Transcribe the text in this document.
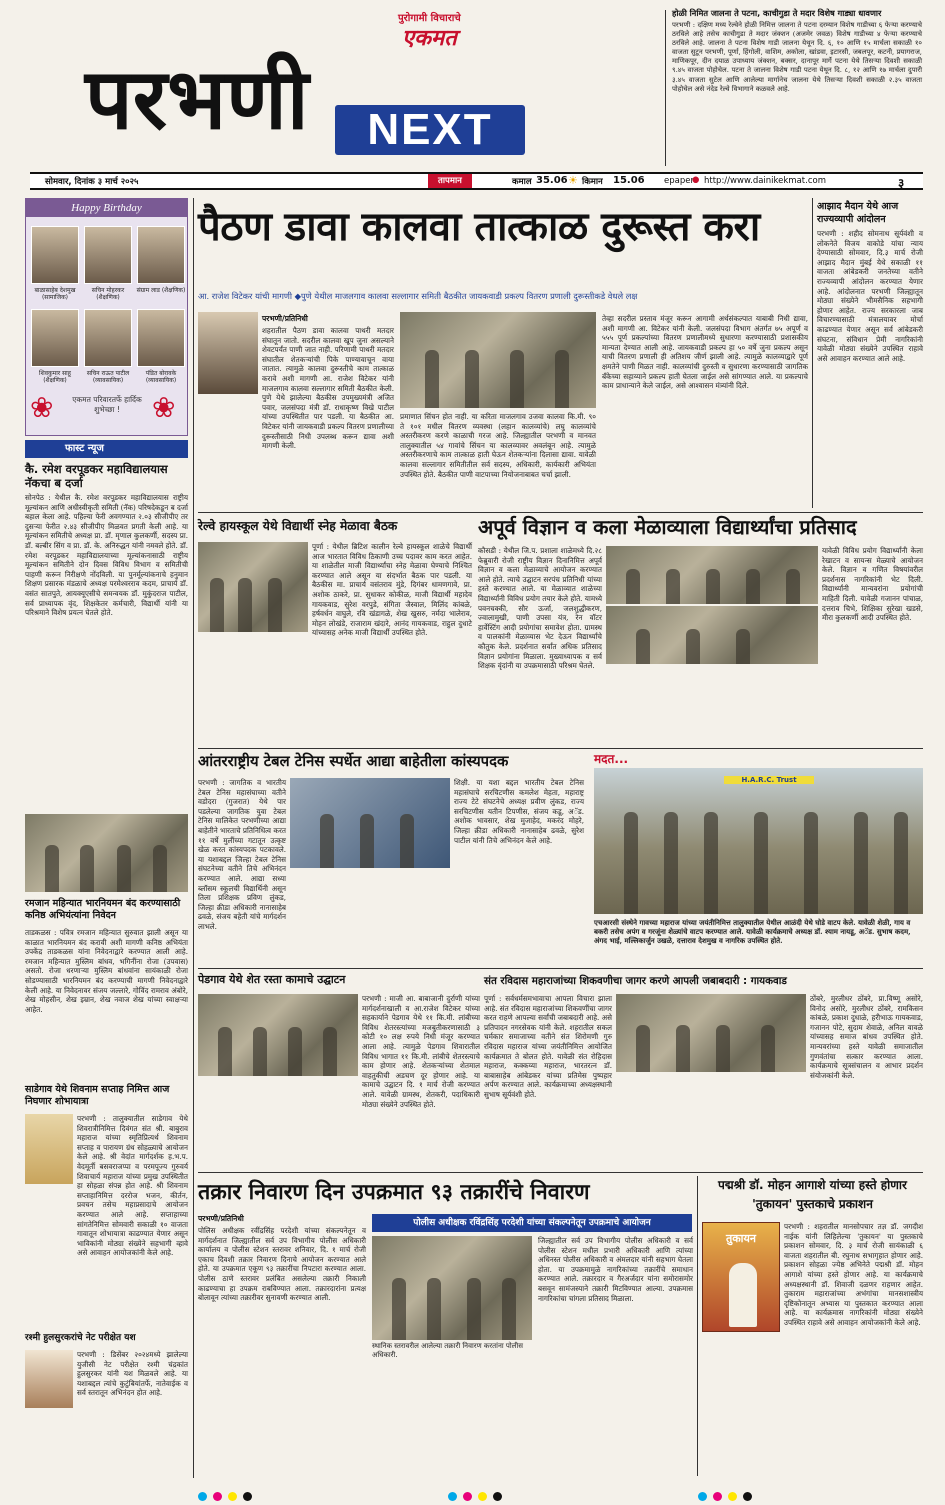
पुरोगामी विचाराचे
एकमत
परभणी	NEXT
होळी निमित जालना ते पटना, काचीगुडा ते मदार विशेष गाड्या धावणार
परभणी : दक्षिण मध्य रेल्वेने होळी निमित्त जालना ते पटना दरम्यान विशेष गाडीच्या ६ फेऱ्या करण्याचे ठरविले आहे तसेच काचीगुडा ते मदार जंक्शन (अजमेर जवळ) विशेष गाडीच्या ४ फेऱ्या करण्याचे ठरविले आहे. जालना ते पटना विशेष गाडी जालना येथून दि. ६, १० आणि १५ मार्चला सकाळी १० वाजता सुटून परभणी, पूर्णा, हिंगोली, वाशिम, अकोला, खांडवा, इटारसी, जबलपूर, कटनी, प्रयागराज, माणिकपूर, दीन दयाळ उपाध्याय जंक्शन, बक्सर, दानापूर मार्गे पटना येथे तिसऱ्या दिवशी सकाळी ९.४५ वाजता पोहोचेल. पटना ते जालना विशेष गाडी पटना येथून दि. ८, १२ आणि १७ मार्चला दुपारी ३.४५ वाजता सुटेल आणि आलेल्या मार्गानेच जालना येथे तिसऱ्या दिवशी सकाळी २.३५ वाजता पोहोचेल असे नंदेड रेल्वे विभागाने कळवले आहे.
सोमवार, दिनांक ३ मार्च २०२५	तापमान	कमाल 35.06 ☀ किमान 15.06 epaper
● http://www.dainikekmat.com	३
Happy Birthday
बाळासाहेब देशमुख (सामाजिक)
सचिन मोहरकर (शैक्षणिक)
संग्राम लाड (शैक्षणिक)
शिवकुमार साहू (शैक्षणिक)
सचिन राऊत पाटील (व्यावसायिक)
पंडित बोरावके (व्यावसायिक)
❀	❀
एकमत परिवारतर्फे हार्दिक शुभेच्छा !
फास्ट न्यूज
कै. रमेश वरपूडकर महाविद्यालयास नॅकचा ब दर्जा
सोनपेठ : येथील कै. रमेश वरपूडकर महाविद्यालयास राष्ट्रीय मूल्यांकन आणि अधीस्वीकृती समिती (नॅक) परिषदेकडून ब दर्जा बहाल केला आहे. पहिल्या फेरी अवगण्यात २.०३ सीजीपीए तर दुसऱ्या फेरीत २.४३ सीजीपीए मिळवत प्रगती केली आहे. या मूल्यांकन समितीचे अध्यक्ष प्रा. डॉ. मृणाल कुलकर्णी, सदस्य प्रा. डॉ. बल्बीर सिंग व प्रा. डॉ. के. अनिरुद्धन यांनी नमवले होते. डॉ. रमेश वरपूडकर महाविद्यालयाच्या मूल्यांकनासाठी राष्ट्रीय मूल्यांकन समितीने दोन दिवस विविध विभाग व समितीची पाहणी करून निरीक्षणे नोंदविली. या पुनर्मूल्यांकनाचे हनुमान शिक्षण प्रसारक मंडळाचे अध्यक्ष परमेश्वरराव कदम, प्राचार्य डॉ. वसंत सातपुते, आयक्यूएसीचे समन्वयक डॉ. मुकुंदराज पाटील, सर्व प्राध्यापक वृंद, शिक्षकेतर कर्मचारी, विद्यार्थी यांनी या परिश्रमाने विशेष प्रयत्न घेतले होते.
रमजान महिन्यात भारनियमन बंद करण्यासाठी कनिष्ठ अभियंत्यांना निवेदन
ताडकळस : पवित्र रमजान महिन्यात सुरुवात झाली असून या काळात भारनियमन बंद करावी अशी मागणी कनिष्ठ अभियंता उपकेंद्र ताडकळस यांना निवेदनाद्वारे करण्यात आली आहे. रमजान महिन्यात मुस्लिम बांधव, भगिनींना रोजा (उपवास) असतो. रोजा धरणाऱ्या मुस्लिम बांधवांना सायंकाळी रोजा सोडण्यासाठी भारनियमन बंद करण्याची मागणी निवेदनाद्वारे केली आहे. या निवेदनावर संजय जल्लारे, गोविंद रामराव अंबोरे, शेख मोहसीन, शेख इम्रान, शेख नवाज शेख यांच्या स्वाक्षऱ्या आहेत.
साडेगाव येथे शिवनाम सप्ताह निमित्त आज निघणार शोभायात्रा
परभणी : तालुक्यातील साडेगाव येथे शिवरात्रीनिमित्त दिवंगत संत श्री. बाबुराव महाराज यांच्या स्मृतिप्रित्यर्थ शिवनाम सप्ताह व पारायण ग्रंथ सोहळ्याचे आयोजन केले आहे. श्री वेदांत मार्गदर्शक ह.भ.प. वेदमूर्ती बसवराजप्पा व परमपूज्य गुरुवर्य शिवाचार्य महाराज यांच्या प्रमुख उपस्थितीत हा सोहळा संपन्न होत आहे. श्री शिवनाम सप्ताहानिमित्त दररोज भजन, कीर्तन, प्रवचन तसेच महाप्रसादाचे आयोजन करण्यात आले आहे. सप्ताहाच्या सांगतेनिमित्त सोमवारी सकाळी १० वाजता गावातून शोभायात्रा काढण्यात येणार असून भाविकांनी मोठ्या संख्येने सहभागी व्हावे असे आवाहन आयोजकांनी केले आहे.
रश्मी हुलसुरकरांचे नेट परीक्षेत यश
परभणी : डिसेंबर २०२४मध्ये झालेल्या युजीसी नेट परीक्षेत रश्मी चंद्रकांत हुलसुरकर यांनी यश मिळवले आहे. या यशाबद्दल त्यांचे कुटुंबियांतर्फे, नातेवाईक व सर्व स्तरातून अभिनंदन होत आहे.
पैठण डावा कालवा तात्काळ दुरूस्त करा
आ. राजेश विटेकर यांची मागणी ◆पुणे येथील माजलगाव कालवा सल्लागार समिती बैठकीत जायकवाडी प्रकल्प वितरण प्रणाली दुरूस्तीकडे वेधले लक्ष
परभणी/प्रतिनिधी
शहरातील पैठण डावा कालवा पाथरी मतदार संघातून जातो. सदरील कालवा खूप जुना असल्याने शेवटपर्यंत पाणी जात नाही. परिणामी पाथरी मतदार संघातील शेतकऱ्यांची पिके पाण्यावाचून वाया जातात. त्यामुळे कालवा दुरूस्तीचे काम तात्काळ करावे अशी मागणी आ. राजेश विटेकर यांनी माजलगाव कालवा सल्लागार समिती बैठकीत केली. पुणे येथे झालेल्या बैठकीस उपमुख्यमंत्री अजित पवार, जलसंपदा मंत्री डॉ. राधाकृष्ण विखे पाटील यांच्या उपस्थितीत पार पडली. या बैठकीत आ. विटेकर यांनी जायकवाडी प्रकल्प वितरण प्रणालीच्या दुरूस्तीसाठी निधी उपलब्ध करून द्यावा अशी मागणी केली.
प्रमाणात सिंचन होत नाही. या करिता माजलगाव उजवा कालवा कि.मी. ९० ते १०१ मधील वितरण व्यवस्था (लहान कालव्यांचे) लघु कालव्यांचे अस्तरीकरण करणे काळाची गरज आहे. जिल्ह्यातील परभणी व मानवत तालुक्यातील ५४ गावांचे सिंचन या कालव्यावर अवलंबून आहे. त्यामुळे अस्तरीकरणाचे काम तात्काळ हाती घेऊन शेतकऱ्यांना दिलासा द्यावा. यावेळी कालवा सल्लागार समितीतील सर्व सदस्य, अधिकारी, कार्यकारी अभियंता उपस्थित होते. बैठकीत पाणी वाटपाच्या नियोजनाबाबत चर्चा झाली.
तेव्हा सदरील प्रस्ताव मंजूर करून आगामी अर्थसंकल्पात याबाबी निधी द्यावा, अशी मागणी आ. विटेकर यांनी केली. जलसंपदा विभाग अंतर्गत ७५ अपूर्ण व ५५५ पूर्ण प्रकल्पांच्या वितरण प्रणालीमध्ये सुधारणा करण्यासाठी प्रशासकीय मान्यता देण्यात आली आहे. जायकवाडी प्रकल्प हा ५० वर्षे जुना प्रकल्प असून याची वितरण प्रणाली ही अतिशय जीर्ण झाली आहे. त्यामुळे कालव्याद्वारे पूर्ण क्षमतेने पाणी मिळत नाही. कालव्यांची दुरुस्ती व सुधारणा करण्यासाठी जागतिक बँकेच्या सहाय्याने प्रकल्प हाती घेतला जाईल असे सांगण्यात आले. या प्रकल्पाचे काम प्राधान्याने केले जाईल, असे आश्वासन मंत्र्यांनी दिले.
आझाद मैदान येथे आज राज्यव्यापी आंदोलन
परभणी : शहीद सोमनाथ सूर्यवंशी व लोकनेते विजय वाकोडे यांचा न्याय देण्यासाठी सोमवार, दि.३ मार्च रोजी आझाद मैदान मुंबई येथे सकाळी ११ वाजता आंबेडकरी जनतेच्या वतीने राज्यव्यापी आंदोलन करण्यात येणार आहे. आंदोलनात परभणी जिल्ह्यातून मोठ्या संख्येने भीमसैनिक सहभागी होणार आहेत. राज्य सरकारला जाब विचारण्यासाठी मंत्रालयावर मोर्चा काढण्यात येणार असून सर्व आंबेडकरी संघटना, संविधान प्रेमी नागरिकांनी यावेळी मोठ्या संख्येने उपस्थित राहावे असे आवाहन करण्यात आले आहे.
रेल्वे हायस्कूल येथे विद्यार्थी स्नेह मेळावा बैठक
पूर्णा : येथील ब्रिटिश कालीन रेल्वे हायस्कूल शाळेचे विद्यार्थी आज भारतात विविध ठिकाणी उच्च पदावर काम करत आहेत. या शाळेतील माजी विद्यार्थ्यांचा स्नेह मेळावा घेण्याचे निश्चित करण्यात आले असून या संदर्भात बैठक पार पडली. या बैठकीस मा. प्राचार्य वसंतराव मुंडे, दिगंबर धामणगावे, प्रा. अशोक ठाकरे, प्रा. सुधाकर कोकीळ, माजी विद्यार्थी महादेव गायकवाड, सुरेश वरपुडे, संगिता जैस्वाल, मिलिंद कांबळे, हर्षवर्धन वाघुले, रवि खंडागळे, शेख खुसरु, नर्मदा भालेराव, मोहन लोखंडे, राजाराम खंदारे, आनंद गायकवाड, राहुल दुधाटे यांच्यासह अनेक माजी विद्यार्थी उपस्थित होते.
अपूर्व विज्ञान व कला मेळाव्याला विद्यार्थ्यांचा प्रतिसाद
कौसडी : येथील जि.प. प्रशाला शाळेमध्ये दि.२८ फेब्रुवारी रोजी राष्ट्रीय विज्ञान दिनानिमित्त अपूर्व विज्ञान व कला मेळाव्याचे आयोजन करण्यात आले होते. त्याचे उद्घाटन सरपंच प्रतिनिधी यांच्या हस्ते करण्यात आले. या मेळाव्यात शाळेच्या विद्यार्थ्यांनी विविध प्रयोग तयार केले होते. यामध्ये पवनचक्की, सौर ऊर्जा, जलशुद्धीकरण, ज्वालामुखी, पाणी उपसा यंत्र, रेन वॉटर हार्वेस्टिंग आदी प्रयोगांचा समावेश होता. ग्रामस्थ व पालकांनी मेळाव्यास भेट देऊन विद्यार्थ्यांचे कौतुक केले. प्रदर्शनात सर्वांत अधिक प्रतिसाद विज्ञान प्रयोगांना मिळाला. मुख्याध्यापक व सर्व शिक्षक वृंदांनी या उपक्रमासाठी परिश्रम घेतले.
यावेळी विविध प्रयोग विद्यार्थ्यांनी केला रेखाटन व सायन्स मेळ्याचे आयोजन केले. विज्ञान व गणित विषयांवरील प्रदर्शनास नागरिकांनी भेट दिली. विद्यार्थ्यांनी मान्यवरांना प्रयोगांची माहिती दिली. यावेळी गजानन पांचाळ, दत्तराव चिभे, शिक्षिका सुरेखा खडसे, मीरा कुलकर्णी आदी उपस्थित होते.
आंतरराष्ट्रीय टेबल टेनिस स्पर्धेत आद्या बाहेतीला कांस्यपदक
परभणी : जागतिक व भारतीय टेबल टेनिस महासंघाच्या वतीने वडोदरा (गुजरात) येथे पार पडलेल्या जागतिक युवा टेबल टेनिस मालिकेत परभणीच्या आद्या बाहेतीने भारताचे प्रतिनिधित्व करत ११ वर्षे मुलींच्या गटातून उत्कृष्ट खेळ करत कांस्यपदक पटकावले. या यशाबद्दल जिल्हा टेबल टेनिस संघटनेच्या वतीने तिचे अभिनंदन करण्यात आले. आद्या सध्या ब्लॉसम स्कूलची विद्यार्थिनी असून तिला प्रशिक्षक प्रविण लुंकड, जिल्हा क्रीडा अधिकारी नानासाहेब ढवळे, संजय बहेती यांचे मार्गदर्शन लाभले.
शिक्षी. या यशा बद्दल भारतीय टेबल टेनिस महासंघाचे सरचिटणीस कमलेश मेहता, महाराष्ट्र राज्य टेटे संघटनेचे अध्यक्ष प्रवीण लुंकड, राज्य सरचिटणीस यतीन टिपणीस, संजय कडू, अॅड. अशोक भावसार, शेख मुजाहेद, मकरंद मोहरे, जिल्हा क्रीडा अधिकारी नानासाहेब ढवळे, सुरेश पाटील यांनी तिचे अभिनंदन केले आहे.
मदत...
H.A.R.C. Trust
एचआरसी संस्थेने गावच्या महाराज यांच्या जयंतीनिमित्त तालुक्यातील येथील आळंदी येथे घोडे वाटप केले. यावेळी शेळी, गाय व बकरी तसेच अपंग व गरजूंना शेळ्यांचे वाटप करण्यात आले. यावेळी कार्यक्रमाचे अध्यक्ष डॉ. श्याम नायडू, अॅड. सुभाष कदम, अंगद भाई, मल्लिकार्जुन उखळे, दत्ताराव देशमुख व नागरिक उपस्थित होते.
पेडगाव येथे शेत रस्ता कामाचे उद्घाटन
परभणी : माजी आ. बाबाजानी दुर्राणी यांच्या मार्गदर्शनाखाली व आ.राजेश विटेकर यांच्या सहकार्याने पेडगाव येथे ११ कि.मी. लांबीच्या विविध शेतरस्त्यांच्या मजबुतीकरणासाठी ३ कोटी १० लक्ष रुपये निधी मंजूर करण्यात आला आहे. त्यामुळे पेडगाव शिवारातील विविध भागात ११ कि.मी. लांबीचे शेतरस्त्याचे काम होणार आहे. शेतकऱ्यांच्या शेतमाल वाहतुकीची अडचण दूर होणार आहे. या कामाचे उद्घाटन दि. १ मार्च रोजी करण्यात आले. यावेळी ग्रामस्थ, शेतकरी, पदाधिकारी मोठ्या संख्येने उपस्थित होते.
संत रविदास महाराजांच्या शिकवणीचा जागर करणे आपली जबाबदारी : गायकवाड
पूर्णा : सर्वधर्मसमभावाचा आपला विचारा झाला आहे. संत रविदास महाराजांच्या शिकवणींचा जागर करत राहणे आपल्या सर्वांची जबाबदारी आहे. असे प्रतिपादन नगरसेवक यांनी केले. शहरातील सकल चर्मकार समाजाच्या वतीने संत शिरोमणी गुरु रविदास महाराज यांच्या जयंतीनिमित्त आयोजित कार्यक्रमात ते बोलत होते. यावेळी संत रोहिदास महाराज, कक्कय्या महाराज, भारतरत्न डॉ. बाबासाहेब आंबेडकर यांच्या प्रतिमेस पुष्पहार अर्पण करण्यात आले. कार्यक्रमाच्या अध्यक्षस्थानी सुभाष सूर्यवंशी होते.
ठोंबरे, मुरलीधर ठोंबरे, प्रा.विष्णू असोरे, विनोद असोरे, मुरलीधर ठोंबरे, रामकिसन कांबळे, प्रकाश दुधाळे, हरीभाऊ गायकवाड, गजानन पोटे, सुदाम शेवाळे, अनिल वावळे यांच्यासह समाज बांधव उपस्थित होते. मान्यवरांच्या हस्ते यावेळी समाजातील गुणवंतांचा सत्कार करण्यात आला. कार्यक्रमाचे सूत्रसंचालन व आभार प्रदर्शन संयोजकांनी केले.
तक्रार निवारण दिन उपक्रमात ९३ तक्रारींचे निवारण
परभणी/प्रतिनिधी
पोलिस अधीक्षक रवींद्रसिंह परदेशी यांच्या संकल्पनेतून व मार्गदर्शनात जिल्ह्यातील सर्व उप विभागीय पोलीस अधिकारी कार्यालय व पोलीस स्टेशन स्तरावर शनिवार, दि. १ मार्च रोजी एकाच दिवशी तक्रार निवारण दिनाचे आयोजन करण्यात आले होते. या उपक्रमात एकूण ९३ तक्रारींचा निपटारा करण्यात आला. पोलीस ठाणे स्तरावर प्रलंबित असलेल्या तक्रारी निकाली काढण्याचा हा उपक्रम राबविण्यात आला. तक्रारदारांना प्रत्यक्ष बोलावून त्यांच्या तक्रारीवर सुनावणी करण्यात आली.
पोलीस अधीक्षक रविंद्रसिंह परदेशी यांच्या संकल्पनेतून उपक्रमाचे आयोजन
स्थानिक स्तरावरील आलेल्या तक्रारी निवारण करतांना पोलीस अधिकारी.
जिल्ह्यातील सर्व उप विभागीय पोलीस अधिकारी व सर्व पोलीस स्टेशन मधील प्रभारी अधिकारी आणि त्यांच्या अधिनस्त पोलीस अधिकारी व अंमलदार यांनी सहभाग घेतला होता. या उपक्रमामुळे नागरिकांच्या तक्रारींचे समाधान करण्यात आले. तक्रारदार व गैरअर्जदार यांना समोरासमोर बसवून सामंजस्याने तक्रारी मिटविण्यात आल्या. उपक्रमास नागरिकांचा चांगला प्रतिसाद मिळाला.
पद्मश्री डॉ. मोहन आगाशे यांच्या हस्ते होणार 'तुकायन' पुस्तकाचे प्रकाशन
तुकायन
परभणी : शहरातील मानसोपचार तज्ञ डॉ. जगदीश नाईक यांनी लिहिलेल्या 'तुकायन' या पुस्तकाचे प्रकाशन सोमवार, दि. ३ मार्च रोजी सायंकाळी ६ वाजता शहरातील बी. रघुनाथ सभागृहात होणार आहे. प्रकाशन सोहळा ज्येष्ठ अभिनेते पद्मश्री डॉ. मोहन आगाशे यांच्या हस्ते होणार आहे. या कार्यक्रमाचे अध्यक्षस्थानी डॉ. शिवाजी दळणर राहणार आहेत. तुकाराम महाराजांच्या अभंगांचा मानसशास्त्रीय दृष्टिकोनातून अभ्यास या पुस्तकात करण्यात आला आहे. या कार्यक्रमास नागरिकांनी मोठ्या संख्येने उपस्थित राहावे असे आवाहन आयोजकांनी केले आहे.
